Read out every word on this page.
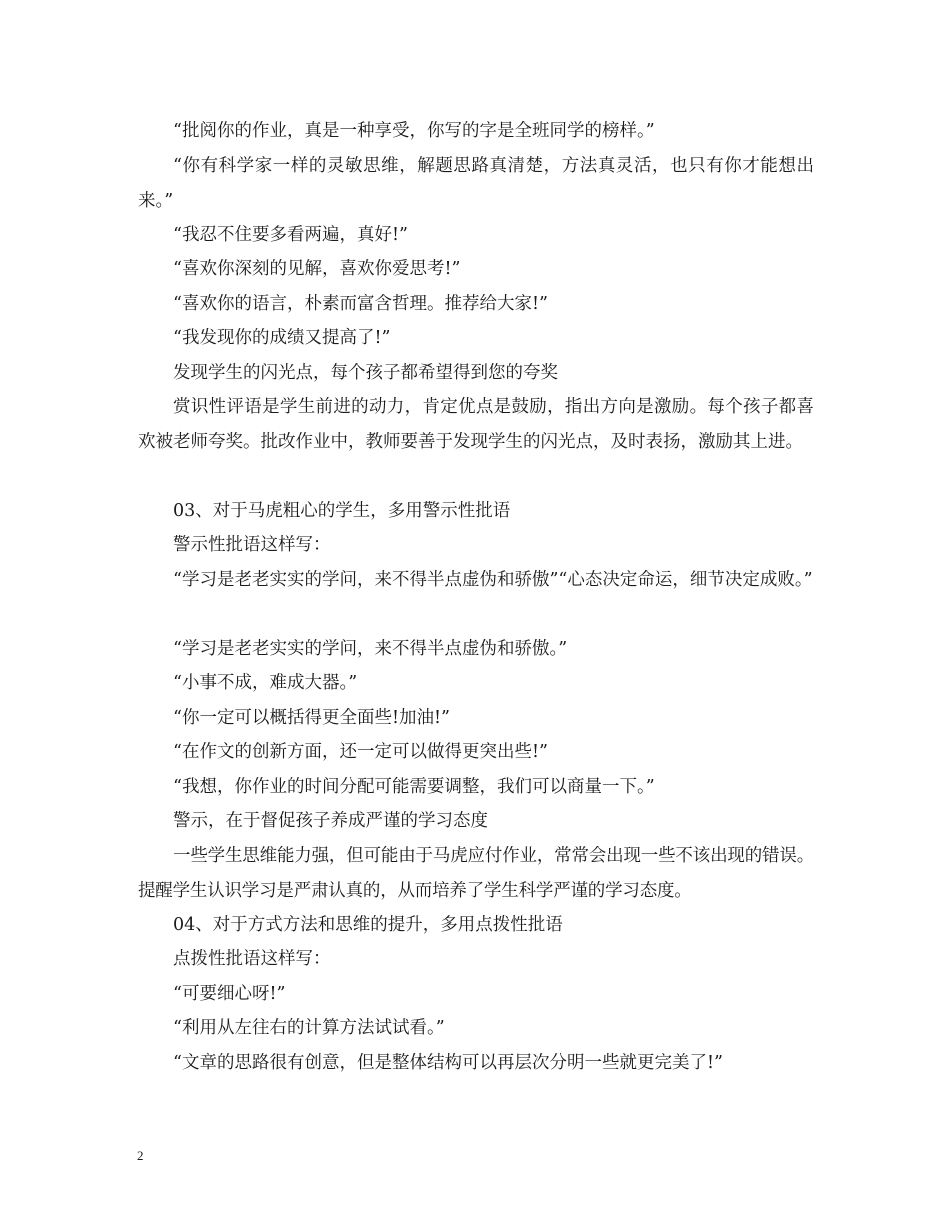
“批阅你的作业，真是一种享受，你写的字是全班同学的榜样。”

“你有科学家一样的灵敏思维，解题思路真清楚，方法真灵活，也只有你才能想出来。”

“我忍不住要多看两遍，真好!”

“喜欢你深刻的见解，喜欢你爱思考!”

“喜欢你的语言，朴素而富含哲理。推荐给大家!”

“我发现你的成绩又提高了!”

发现学生的闪光点，每个孩子都希望得到您的夸奖

赏识性评语是学生前进的动力，肯定优点是鼓励，指出方向是激励。每个孩子都喜欢被老师夸奖。批改作业中，教师要善于发现学生的闪光点，及时表扬，激励其上进。

03、对于马虎粗心的学生，多用警示性批语

警示性批语这样写：

“学习是老老实实的学问，来不得半点虚伪和骄傲”“心态决定命运，细节决定成败。”

“学习是老老实实的学问，来不得半点虚伪和骄傲。”

“小事不成，难成大器。”

“你一定可以概括得更全面些!加油!”

“在作文的创新方面，还一定可以做得更突出些!”

“我想，你作业的时间分配可能需要调整，我们可以商量一下。”

警示，在于督促孩子养成严谨的学习态度

一些学生思维能力强，但可能由于马虎应付作业，常常会出现一些不该出现的错误。提醒学生认识学习是严肃认真的，从而培养了学生科学严谨的学习态度。

04、对于方式方法和思维的提升，多用点拨性批语

点拨性批语这样写：

“可要细心呀!”

“利用从左往右的计算方法试试看。”

“文章的思路很有创意，但是整体结构可以再层次分明一些就更完美了!”

2
